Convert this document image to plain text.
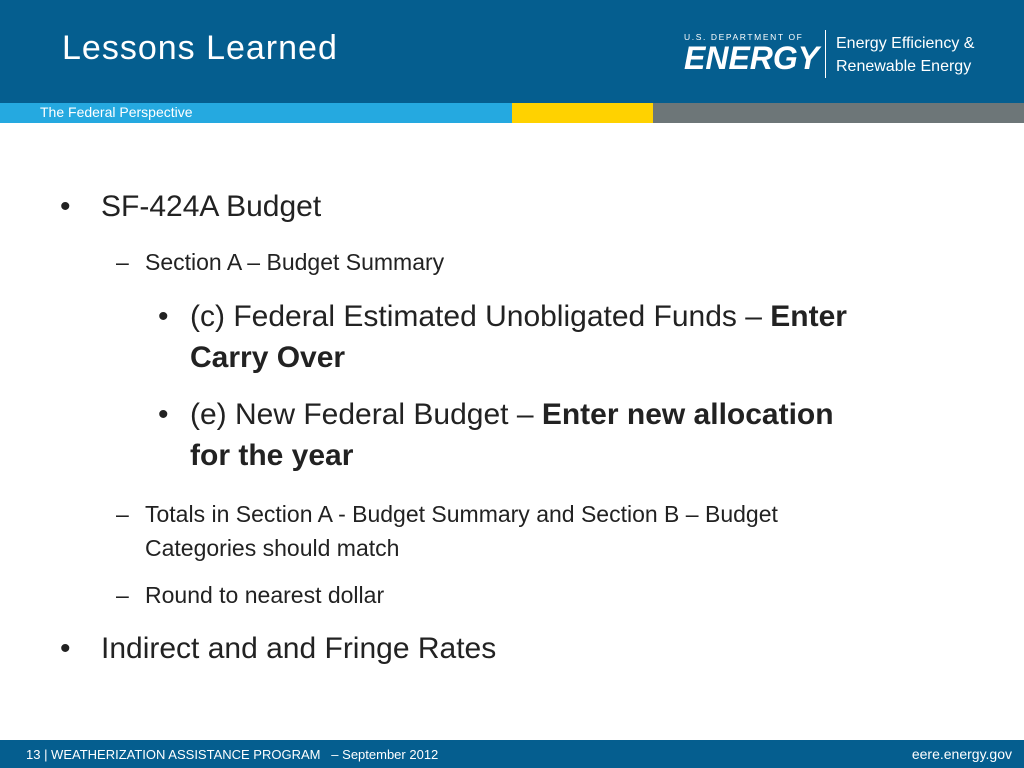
Lessons Learned	U.S. DEPARTMENT OF
ENERGY Energy Efficiency &
Renewable Energy
The Federal Perspective
• SF-424A Budget
– Section A – Budget Summary
• (c) Federal Estimated Unobligated Funds – Enter
Carry Over
• (e) New Federal Budget – Enter new allocation
for the year
– Totals in Section A - Budget Summary and Section B – Budget
Categories should match
– Round to nearest dollar
• Indirect and and Fringe Rates
13 | WEATHERIZATION ASSISTANCE PROGRAM   – September 2012	eere.energy.gov
